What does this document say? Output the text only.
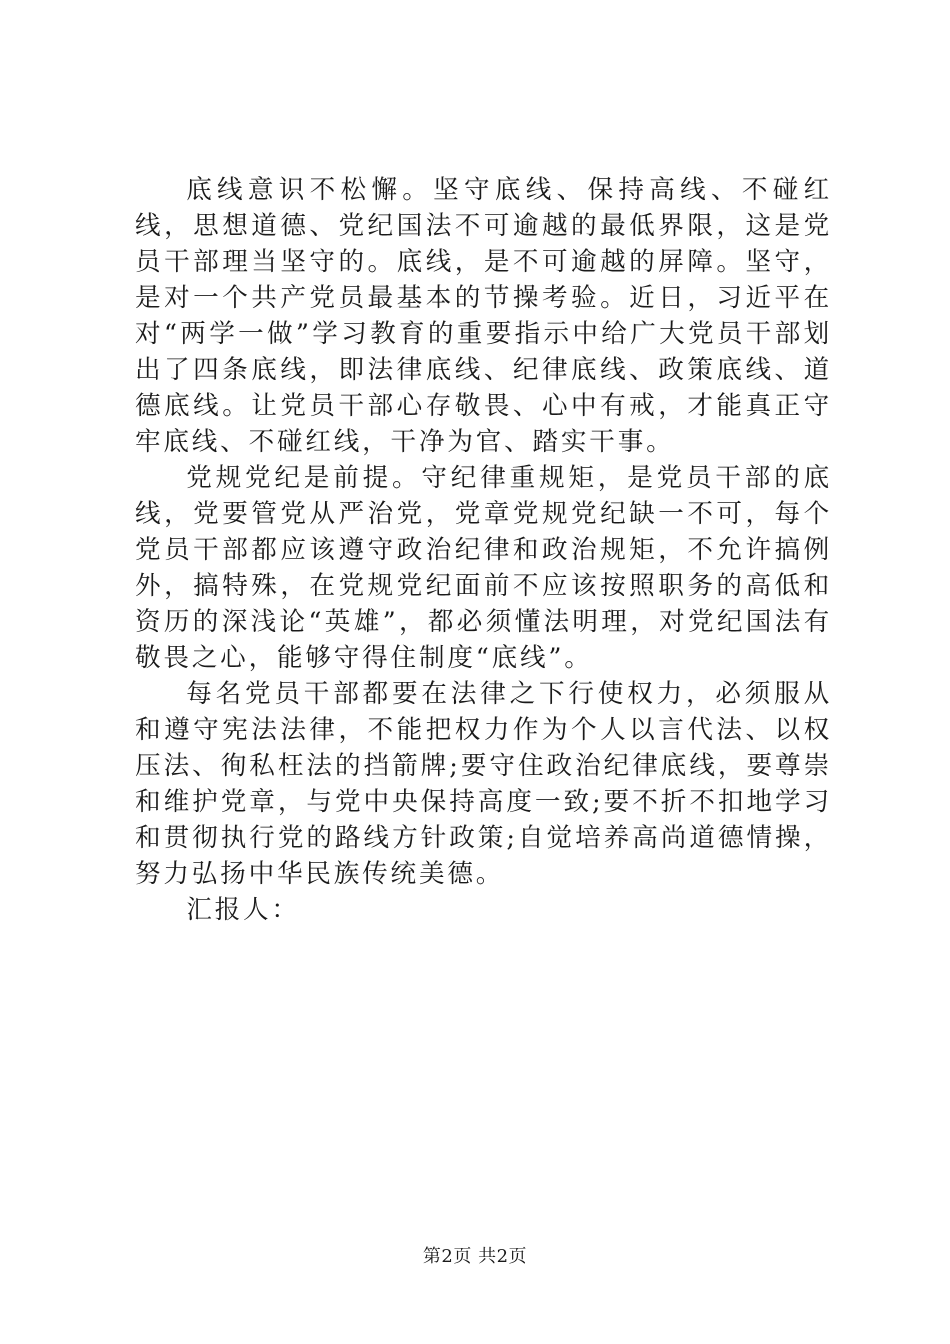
底线意识不松懈。坚守底线、保持高线、不碰红线，思想道德、党纪国法不可逾越的最低界限，这是党员干部理当坚守的。底线，是不可逾越的屏障。坚守，是对一个共产党员最基本的节操考验。近日，习近平在对“两学一做”学习教育的重要指示中给广大党员干部划出了四条底线，即法律底线、纪律底线、政策底线、道德底线。让党员干部心存敬畏、心中有戒，才能真正守牢底线、不碰红线，干净为官、踏实干事。

党规党纪是前提。守纪律重规矩，是党员干部的底线，党要管党从严治党，党章党规党纪缺一不可，每个党员干部都应该遵守政治纪律和政治规矩，不允许搞例外，搞特殊，在党规党纪面前不应该按照职务的高低和资历的深浅论“英雄”，都必须懂法明理，对党纪国法有敬畏之心，能够守得住制度“底线”。

每名党员干部都要在法律之下行使权力，必须服从和遵守宪法法律，不能把权力作为个人以言代法、以权压法、徇私枉法的挡箭牌;要守住政治纪律底线，要尊崇和维护党章，与党中央保持高度一致;要不折不扣地学习和贯彻执行党的路线方针政策;自觉培养高尚道德情操，努力弘扬中华民族传统美德。

汇报人：

第2页 共2页
